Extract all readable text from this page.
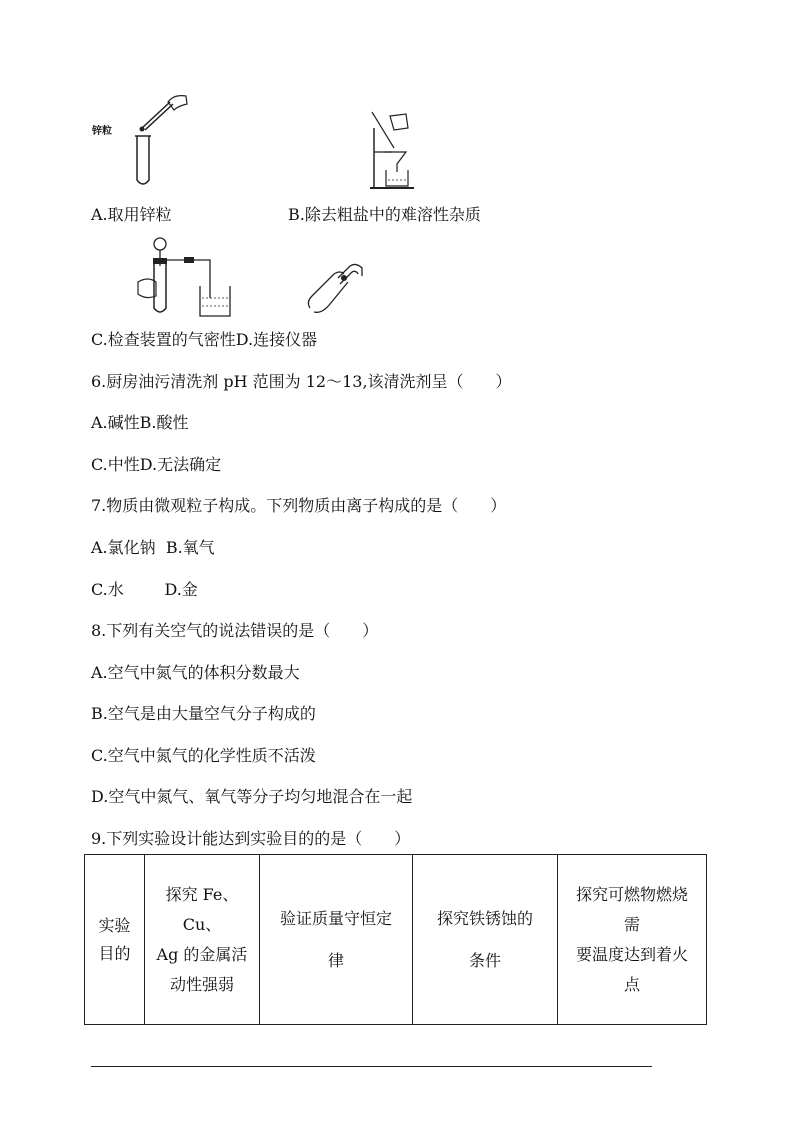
锌粒
A.取用锌粒	B.除去粗盐中的难溶性杂质
C.检查装置的气密性D.连接仪器
6.厨房油污清洗剂 pH 范围为 12～13,该清洗剂呈（　　）
A.碱性B.酸性
C.中性D.无法确定
7.物质由微观粒子构成。下列物质由离子构成的是（　　）
A.氯化钠  B.氧气
C.水        D.金
8.下列有关空气的说法错误的是（　　）
A.空气中氮气的体积分数最大
B.空气是由大量空气分子构成的
C.空气中氮气的化学性质不活泼
D.空气中氮气、氧气等分子均匀地混合在一起
9.下列实验设计能达到实验目的的是（　　）
实验
目的

探究 Fe、Cu、
Ag 的金属活
动性强弱

验证质量守恒定
律

探究铁锈蚀的
条件

探究可燃物燃烧
需
要温度达到着火
点
